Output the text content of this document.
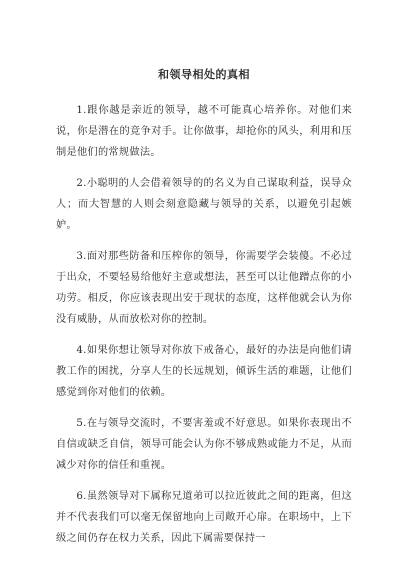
和领导相处的真相

1.跟你越是亲近的领导，越不可能真心培养你。对他们来说，你是潜在的竞争对手。让你做事，却抢你的风头，利用和压制是他们的常规做法。

2.小聪明的人会借着领导的的名义为自己谋取利益，误导众人；而大智慧的人则会刻意隐藏与领导的关系，以避免引起嫉妒。

3.面对那些防备和压榨你的领导，你需要学会装傻。不必过于出众，不要轻易给他好主意或想法，甚至可以让他蹭点你的小功劳。相反，你应该表现出安于现状的态度，这样他就会认为你没有威胁，从而放松对你的控制。

4.如果你想让领导对你放下戒备心，最好的办法是向他们请教工作的困扰，分享人生的长远规划，倾诉生活的难题，让他们感觉到你对他们的依赖。

5.在与领导交流时，不要害羞或不好意思。如果你表现出不自信或缺乏自信，领导可能会认为你不够成熟或能力不足，从而减少对你的信任和重视。

6.虽然领导对下属称兄道弟可以拉近彼此之间的距离，但这并不代表我们可以毫无保留地向上司敞开心扉。在职场中，上下级之间仍存在权力关系，因此下属需要保持一
